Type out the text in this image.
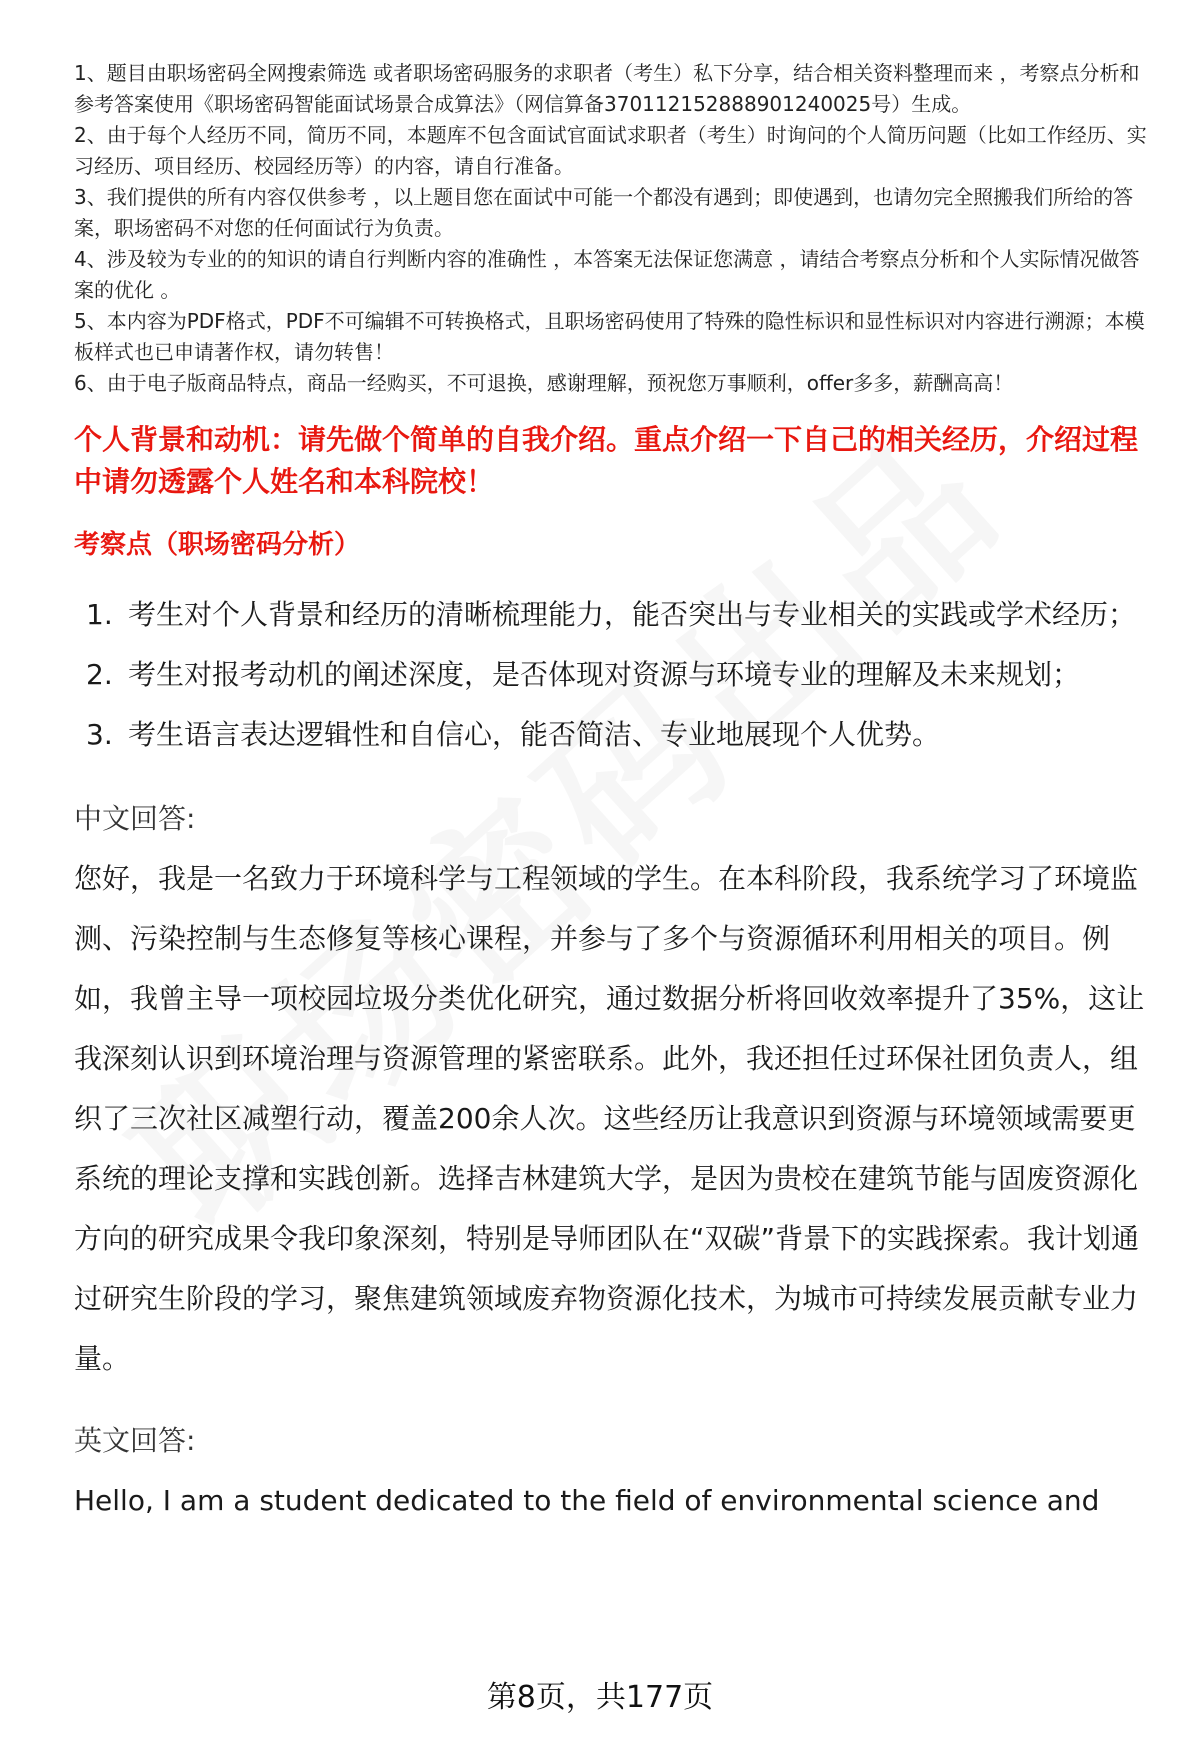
1、题目由职场密码全网搜索筛选 或者职场密码服务的求职者（考生）私下分享，结合相关资料整理而来 ，考察点分析和参考答案使用《职场密码智能面试场景合成算法》（网信算备370112152888901240025号）生成。

2、由于每个人经历不同，简历不同，本题库不包含面试官面试求职者（考生）时询问的个人简历问题（比如工作经历、实习经历、项目经历、校园经历等）的内容，请自行准备。

3、我们提供的所有内容仅供参考 ，以上题目您在面试中可能一个都没有遇到；即使遇到，也请勿完全照搬我们所给的答案，职场密码不对您的任何面试行为负责。

4、涉及较为专业的的知识的请自行判断内容的准确性 ，本答案无法保证您满意 ，请结合考察点分析和个人实际情况做答案的优化 。

5、本内容为PDF格式，PDF不可编辑不可转换格式，且职场密码使用了特殊的隐性标识和显性标识对内容进行溯源；本模板样式也已申请著作权，请勿转售！

6、由于电子版商品特点，商品一经购买，不可退换，感谢理解，预祝您万事顺利，offer多多，薪酬高高！

个人背景和动机：请先做个简单的自我介绍。重点介绍一下自己的相关经历，介绍过程中请勿透露个人姓名和本科院校！

考察点（职场密码分析）

1. 考生对个人背景和经历的清晰梳理能力，能否突出与专业相关的实践或学术经历；
2. 考生对报考动机的阐述深度，是否体现对资源与环境专业的理解及未来规划；
3. 考生语言表达逻辑性和自信心，能否简洁、专业地展现个人优势。

中文回答:

您好，我是一名致力于环境科学与工程领域的学生。在本科阶段，我系统学习了环境监测、污染控制与生态修复等核心课程，并参与了多个与资源循环利用相关的项目。例如，我曾主导一项校园垃圾分类优化研究，通过数据分析将回收效率提升了35%，这让我深刻认识到环境治理与资源管理的紧密联系。此外，我还担任过环保社团负责人，组织了三次社区减塑行动，覆盖200余人次。这些经历让我意识到资源与环境领域需要更系统的理论支撑和实践创新。选择吉林建筑大学，是因为贵校在建筑节能与固废资源化方向的研究成果令我印象深刻，特别是导师团队在“双碳”背景下的实践探索。我计划通过研究生阶段的学习，聚焦建筑领域废弃物资源化技术，为城市可持续发展贡献专业力量。

英文回答:

Hello, I am a student dedicated to the field of environmental science and

第8页，共177页
